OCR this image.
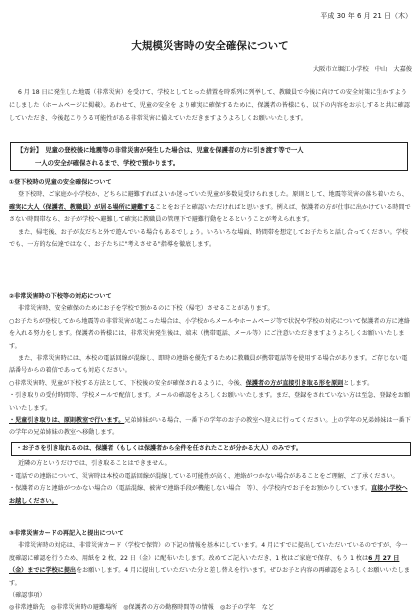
平成 30 年 6 月 21 日（木）
大規模災害時の安全確保について
大阪市立堀江小学校　中山　大嘉俊

6 月 18 日に発生した地震（非常災害）を受けて、学校としてとった措置を時系列に列挙して、教職員で今後に向けての安全対策に生かすようにしました（ホームページに掲載）。あわせて、児童の安全を より確実に確保するために、保護者の皆様にも、以下の内容をお示しすると共に確認していただき、今後起こりうる可能性がある非常災害に備えていただきますようよろしくお願いいたします。

【方針】　児童の登校後に地震等の非常災害が発生した場合は、児童を保護者の方に引き渡す等で一人

一人の安全が確保されるまで、学校で預かります。

①登下校時の児童の安全確保について

登下校時、ご家庭か小学校か、どちらに避難すればよいか迷っていた児童が多数見受けられました。原則として、地震等災害の落ち着いたら、確実に大人（保護者、教職員）が居る場所に避難することをお子と確認いただければと思います。例えば、保護者の方が仕事に出かけている時間でさない時間帯なら、お子が学校へ避難して確実に教職員の管理下で避難行動をとるということが考えられます。

また、帰宅後、お子が友だちと外で遊んでいる場合もあるでしょう。いろいろな場面、時間帯を想定してお子たちと話し合ってください。学校でも、一方的な伝達ではなく、お子たちに"考えさせる"指導を徹底します。

②非常災害時の下校等の対応について

非常災害時、安全確保のためにお子を学校で預かるのに下校（帰宅）させることがあります。

○お子たちが登校してから地震等の非常災害が起こった場合は、小学校からメールやホームページ等で状況や学校の対応について保護者の方に連絡を入れる努力をします。保護者の皆様には、非常災害発生後は、端末（携帯電話、メール等）にご注意いただきますようよろしくお願いいたします。

また、非常災害時には、本校の電話回線が混線し、即時の連絡を優先するために教職員が携帯電話等を使用する場合があります。ご存じない電話番号からの着信であっても対応ください。

○非常災害時、児童が下校する方法として、下校後の安全が確保されるように、今後、保護者の方が直接引き取る形を原則とします。

・引き取りの受付時間等、学校メールで配信します。メールの確認をよろしくお願いいたします。まだ、登録をされていない方は至急、登録をお願いいたします。

・児童引き取りは、原則教室で行います。兄弟姉妹がいる場合、一番下の学年のお子の教室へ迎えに行ってください。上の学年の兄弟姉妹は一番下の学年の兄弟姉妹の教室へ移動します。

・お子さを引き取れるのは、保護者（もしくは保護者から全件を任されたことが分かる大人）のみです。

近隣の方というだけでは、引き取ることはできません。

・電話での連絡について、災害時は本校の電話回線が混線している可能性が高く、連絡がつかない場合があることをご理解、ご了承ください。

・保護者の方と連絡がつかない場合の（電話混線、被害で連絡手段が機能しない場合　等）、小学校内でお子をお預かりしています。直接小学校へお越しください。

③非常災害カードの再記入と提出について

非常災害時の対応は、非常災害カード（学校で保管）の下記の情報を基本にしています。4 月にすでに提出していただいているのですが、今一度確認に確認を行うため、用紙を 2 枚、22 日（金）に配布いたします。改めてご記入いただき、1 枚はご家庭で保存、もう 1 枚は6 月 27 日（金）までに学校に提出をお願いします。4 月に提出していただいた分と差し替えを行います。ぜひお子と内容の再確認をよろしくお願いいたします。

（確認事項）

◎非常連絡先　◎非常災害時の避難場所　◎保護者の方の勤務時間等の情報　◎お子の学年　など
